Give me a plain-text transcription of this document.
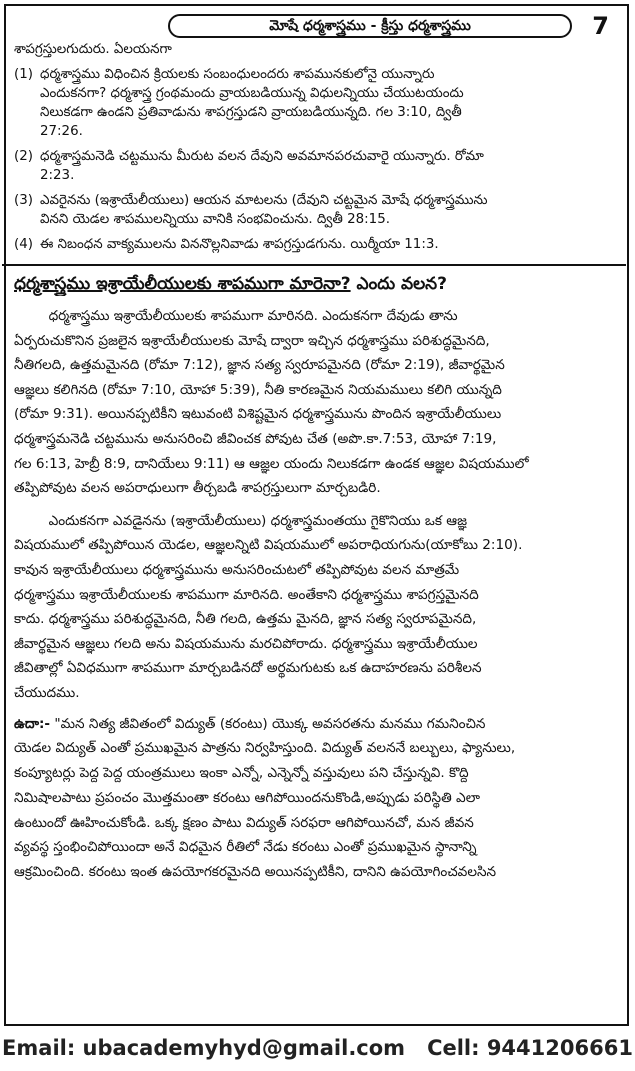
మోషే ధర్మశాస్త్రము - క్రీస్తు ధర్మశాస్త్రము	7
శాపగ్రస్తులగుదురు. ఏలయనగా
(1) ధర్మశాస్త్రము విధించిన క్రియలకు సంబంధులందరు శాపమునకులోనై యున్నారు
ఎందుకనగా? ధర్మశాస్త్ర గ్రంథమందు వ్రాయబడియున్న విధులన్నియు చేయుటయందు
నిలుకడగా ఉండని ప్రతివాడును శాపగ్రస్తుడని వ్రాయబడియున్నది. గల 3:10, ద్వితీ
27:26.
(2) ధర్మశాస్త్రమనెడి చట్టమును మీరుట వలన దేవుని అవమానపరచువారై యున్నారు. రోమా
2:23.
(3) ఎవరైనను (ఇశ్రాయేలీయులు) ఆయన మాటలను (దేవుని చట్టమైన మోషే ధర్మశాస్త్రమును
వినని యెడల శాపములన్నియు వానికి సంభవించును. ద్వితీ 28:15.
(4) ఈ నిబంధన వాక్యములను విననొల్లనివాడు శాపగ్రస్తుడగును. యిర్మీయా 11:3.
ధర్మశాస్త్రము ఇశ్రాయేలీయులకు శాపముగా మారెనా? ఎందు వలన?
ధర్మశాస్త్రము ఇశ్రాయేలీయులకు శాపముగా మారినది. ఎందుకనగా దేవుడు తాను
ఏర్పరుచుకొనిన ప్రజలైన ఇశ్రాయేలీయులకు మోషే ద్వారా ఇచ్చిన ధర్మశాస్త్రము పరిశుద్ధమైనది,
నీతిగలది, ఉత్తమమైనది (రోమా 7:12), జ్ఞాన సత్య స్వరూపమైనది (రోమా 2:19), జీవార్థమైన
ఆజ్ఞలు కలిగినది (రోమా 7:10, యోహా 5:39), నీతి కారణమైన నియమములు కలిగి యున్నది
(రోమా 9:31). అయినప్పటికీని ఇటువంటి విశిష్టమైన ధర్మశాస్త్రమును పొందిన ఇశ్రాయేలీయులు
ధర్మశాస్త్రమనెడి చట్టమును అనుసరించి జీవించక పోవుట చేత (అపొ.కా.7:53, యోహా 7:19,
గల 6:13, హెబ్రీ 8:9, దానియేలు 9:11) ఆ ఆజ్ఞల యందు నిలుకడగా ఉండక ఆజ్ఞల విషయములో
తప్పిపోవుట వలన అపరాధులుగా తీర్చబడి శాపగ్రస్తులుగా మార్చబడిరి.
ఎందుకనగా ఎవడైనను (ఇశ్రాయేలీయులు) ధర్మశాస్త్రమంతయు గైకొనియు ఒక ఆజ్ఞ
విషయములో తప్పిపోయిన యెడల, ఆజ్ఞలన్నిటి విషయములో అపరాధియగును(యాకోబు 2:10).
కావున ఇశ్రాయేలీయులు ధర్మశాస్త్రమును అనుసరించుటలో తప్పిపోవుట వలన మాత్రమే
ధర్మశాస్త్రము ఇశ్రాయేలీయులకు శాపముగా మారినది. అంతేకాని ధర్మశాస్త్రము శాపగ్రస్తమైనది
కాదు. ధర్మశాస్త్రము పరిశుద్ధమైనది, నీతి గలది, ఉత్తమ మైనది, జ్ఞాన సత్య స్వరూపమైనది,
జీవార్థమైన ఆజ్ఞలు గలది అను విషయమును మరచిపోరాదు. ధర్మశాస్త్రము ఇశ్రాయేలీయుల
జీవితాల్లో ఏవిధముగా శాపముగా మార్చబడినదో అర్థమగుటకు ఒక ఉదాహరణను పరిశీలన
చేయుదము.
ఉదా:- "మన నిత్య జీవితంలో విద్యుత్ (కరంటు) యొక్క అవసరతను మనము గమనించిన
యెడల విద్యుత్ ఎంతో ప్రముఖమైన పాత్రను నిర్వహిస్తుంది. విద్యుత్ వలననే బల్బులు, ఫ్యానులు,
కంప్యూటర్లు పెద్ద పెద్ద యంత్రములు ఇంకా ఎన్నో, ఎన్నెన్నో వస్తువులు పని చేస్తున్నవి. కొద్ది
నిమిషాలపాటు ప్రపంచం మొత్తమంతా కరంటు ఆగిపోయిందనుకొండి,అప్పుడు పరిస్థితి ఎలా
ఉంటుందో ఊహించుకోండి. ఒక్క క్షణం పాటు విద్యుత్ సరఫరా ఆగిపోయినచో, మన జీవన
వ్యవస్థ స్తంభించిపోయిందా అనే విధమైన రీతిలో నేడు కరంటు ఎంతో ప్రముఖమైన స్థానాన్ని
ఆక్రమించింది. కరంటు ఇంత ఉపయోగకరమైనది అయినప్పటికీని, దానిని ఉపయోగించవలసిన
Email: ubacademyhyd@gmail.com Cell: 9441206661
